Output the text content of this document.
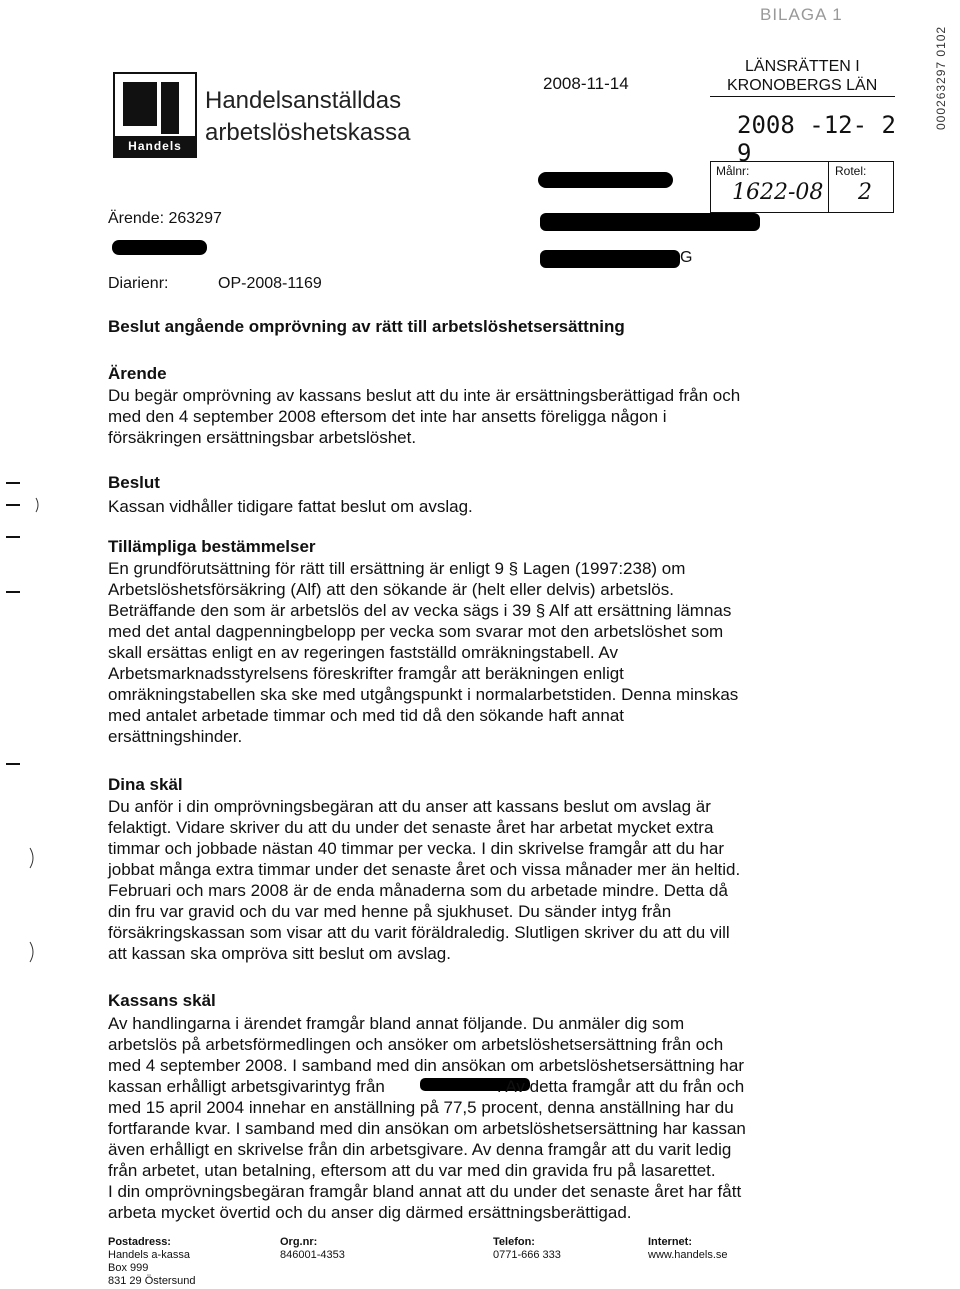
BILAGA 1
Handels
Handelsanställdas
arbetslöshetskassa
2008-11-14
LÄNSRÄTTEN I
KRONOBERGS LÄN
2008 -12- 2 9
Målnr:	Rotel:
1622-08 2
000263297 0102
Ärende: 263297
Diarienr:	OP-2008-1169
G
Beslut angående omprövning av rätt till arbetslöshetsersättning
Ärende
Du begär omprövning av kassans beslut att du inte är ersättningsberättigad från och
med den 4 september 2008 eftersom det inte har ansetts föreligga någon i
försäkringen ersättningsbar arbetslöshet.
Beslut
Kassan vidhåller tidigare fattat beslut om avslag.
Tillämpliga bestämmelser
En grundförutsättning för rätt till ersättning är enligt 9 § Lagen (1997:238) om
Arbetslöshetsförsäkring (Alf) att den sökande är (helt eller delvis) arbetslös.
Beträffande den som är arbetslös del av vecka sägs i 39 § Alf att ersättning lämnas
med det antal dagpenningbelopp per vecka som svarar mot den arbetslöshet som
skall ersättas enligt en av regeringen fastställd omräkningstabell. Av
Arbetsmarknadsstyrelsens föreskrifter framgår att beräkningen enligt
omräkningstabellen ska ske med utgångspunkt i normalarbetstiden. Denna minskas
med antalet arbetade timmar och med tid då den sökande haft annat
ersättningshinder.
Dina skäl
Du anför i din omprövningsbegäran att du anser att kassans beslut om avslag är
felaktigt. Vidare skriver du att du under det senaste året har arbetat mycket extra
timmar och jobbade nästan 40 timmar per vecka. I din skrivelse framgår att du har
jobbat många extra timmar under det senaste året och vissa månader mer än heltid.
Februari och mars 2008 är de enda månaderna som du arbetade mindre. Detta då
din fru var gravid och du var med henne på sjukhuset. Du sänder intyg från
försäkringskassan som visar att du varit föräldraledig. Slutligen skriver du att du vill
att kassan ska ompröva sitt beslut om avslag.
Kassans skäl
Av handlingarna i ärendet framgår bland annat följande. Du anmäler dig som
arbetslös på arbetsförmedlingen och ansöker om arbetslöshetsersättning från och
med 4 september 2008. I samband med din ansökan om arbetslöshetsersättning har
kassan erhålligt arbetsgivarintyg från	. Av detta framgår att du från och
med 15 april 2004 innehar en anställning på 77,5 procent, denna anställning har du
fortfarande kvar. I samband med din ansökan om arbetslöshetsersättning har kassan
även erhålligt en skrivelse från din arbetsgivare. Av denna framgår att du varit ledig
från arbetet, utan betalning, eftersom att du var med din gravida fru på lasarettet.
I din omprövningsbegäran framgår bland annat att du under det senaste året har fått
arbeta mycket övertid och du anser dig därmed ersättningsberättigad.
Postadress:
Handels a-kassa
Box 999
831 29 Östersund
Org.nr:
846001-4353
Telefon:
0771-666 333
Internet:
www.handels.se
